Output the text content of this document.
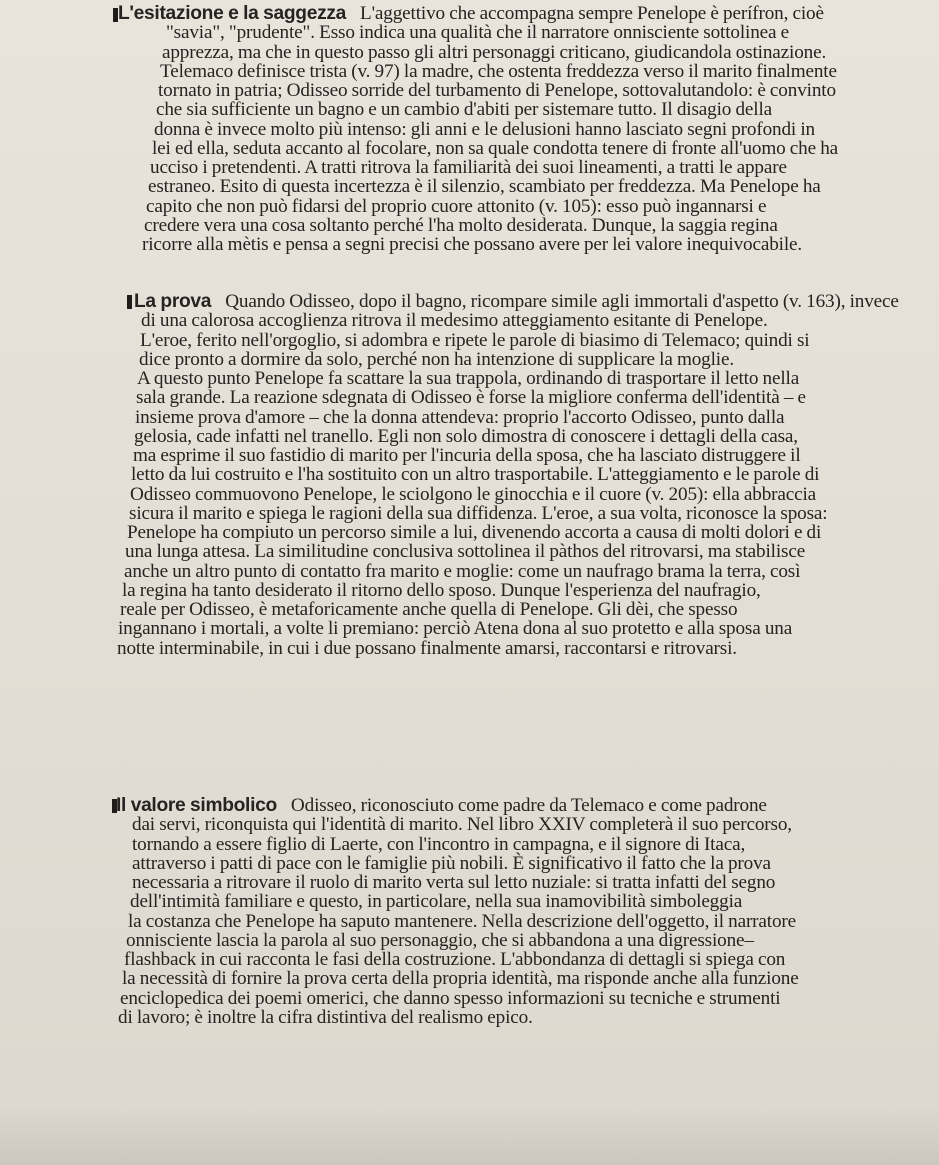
L'esitazione e la saggezza L'aggettivo che accompagna sempre Penelope è perífron, cioè
"savia", "prudente". Esso indica una qualità che il narratore onnisciente sottolinea e
apprezza, ma che in questo passo gli altri personaggi criticano, giudicandola ostinazione.
Telemaco definisce trista (v. 97) la madre, che ostenta freddezza verso il marito finalmente
tornato in patria; Odisseo sorride del turbamento di Penelope, sottovalutandolo: è convinto
che sia sufficiente un bagno e un cambio d'abiti per sistemare tutto. Il disagio della
donna è invece molto più intenso: gli anni e le delusioni hanno lasciato segni profondi in
lei ed ella, seduta accanto al focolare, non sa quale condotta tenere di fronte all'uomo che ha
ucciso i pretendenti. A tratti ritrova la familiarità dei suoi lineamenti, a tratti le appare
estraneo. Esito di questa incertezza è il silenzio, scambiato per freddezza. Ma Penelope ha
capito che non può fidarsi del proprio cuore attonito (v. 105): esso può ingannarsi e
credere vera una cosa soltanto perché l'ha molto desiderata. Dunque, la saggia regina
ricorre alla mètis e pensa a segni precisi che possano avere per lei valore inequivocabile.
La prova Quando Odisseo, dopo il bagno, ricompare simile agli immortali d'aspetto (v. 163), invece
di una calorosa accoglienza ritrova il medesimo atteggiamento esitante di Penelope.
L'eroe, ferito nell'orgoglio, si adombra e ripete le parole di biasimo di Telemaco; quindi si
dice pronto a dormire da solo, perché non ha intenzione di supplicare la moglie.
A questo punto Penelope fa scattare la sua trappola, ordinando di trasportare il letto nella
sala grande. La reazione sdegnata di Odisseo è forse la migliore conferma dell'identità – e
insieme prova d'amore – che la donna attendeva: proprio l'accorto Odisseo, punto dalla
gelosia, cade infatti nel tranello. Egli non solo dimostra di conoscere i dettagli della casa,
ma esprime il suo fastidio di marito per l'incuria della sposa, che ha lasciato distruggere il
letto da lui costruito e l'ha sostituito con un altro trasportabile. L'atteggiamento e le parole di
Odisseo commuovono Penelope, le sciolgono le ginocchia e il cuore (v. 205): ella abbraccia
sicura il marito e spiega le ragioni della sua diffidenza. L'eroe, a sua volta, riconosce la sposa:
Penelope ha compiuto un percorso simile a lui, divenendo accorta a causa di molti dolori e di
una lunga attesa. La similitudine conclusiva sottolinea il pàthos del ritrovarsi, ma stabilisce
anche un altro punto di contatto fra marito e moglie: come un naufrago brama la terra, così
la regina ha tanto desiderato il ritorno dello sposo. Dunque l'esperienza del naufragio,
reale per Odisseo, è metaforicamente anche quella di Penelope. Gli dèi, che spesso
ingannano i mortali, a volte li premiano: perciò Atena dona al suo protetto e alla sposa una
notte interminabile, in cui i due possano finalmente amarsi, raccontarsi e ritrovarsi.
Il valore simbolico Odisseo, riconosciuto come padre da Telemaco e come padrone
dai servi, riconquista qui l'identità di marito. Nel libro XXIV completerà il suo percorso,
tornando a essere figlio di Laerte, con l'incontro in campagna, e il signore di Itaca,
attraverso i patti di pace con le famiglie più nobili. È significativo il fatto che la prova
necessaria a ritrovare il ruolo di marito verta sul letto nuziale: si tratta infatti del segno
dell'intimità familiare e questo, in particolare, nella sua inamovibilità simboleggia
la costanza che Penelope ha saputo mantenere. Nella descrizione dell'oggetto, il narratore
onnisciente lascia la parola al suo personaggio, che si abbandona a una digressione–
flashback in cui racconta le fasi della costruzione. L'abbondanza di dettagli si spiega con
la necessità di fornire la prova certa della propria identità, ma risponde anche alla funzione
enciclopedica dei poemi omerici, che danno spesso informazioni su tecniche e strumenti
di lavoro; è inoltre la cifra distintiva del realismo epico.
